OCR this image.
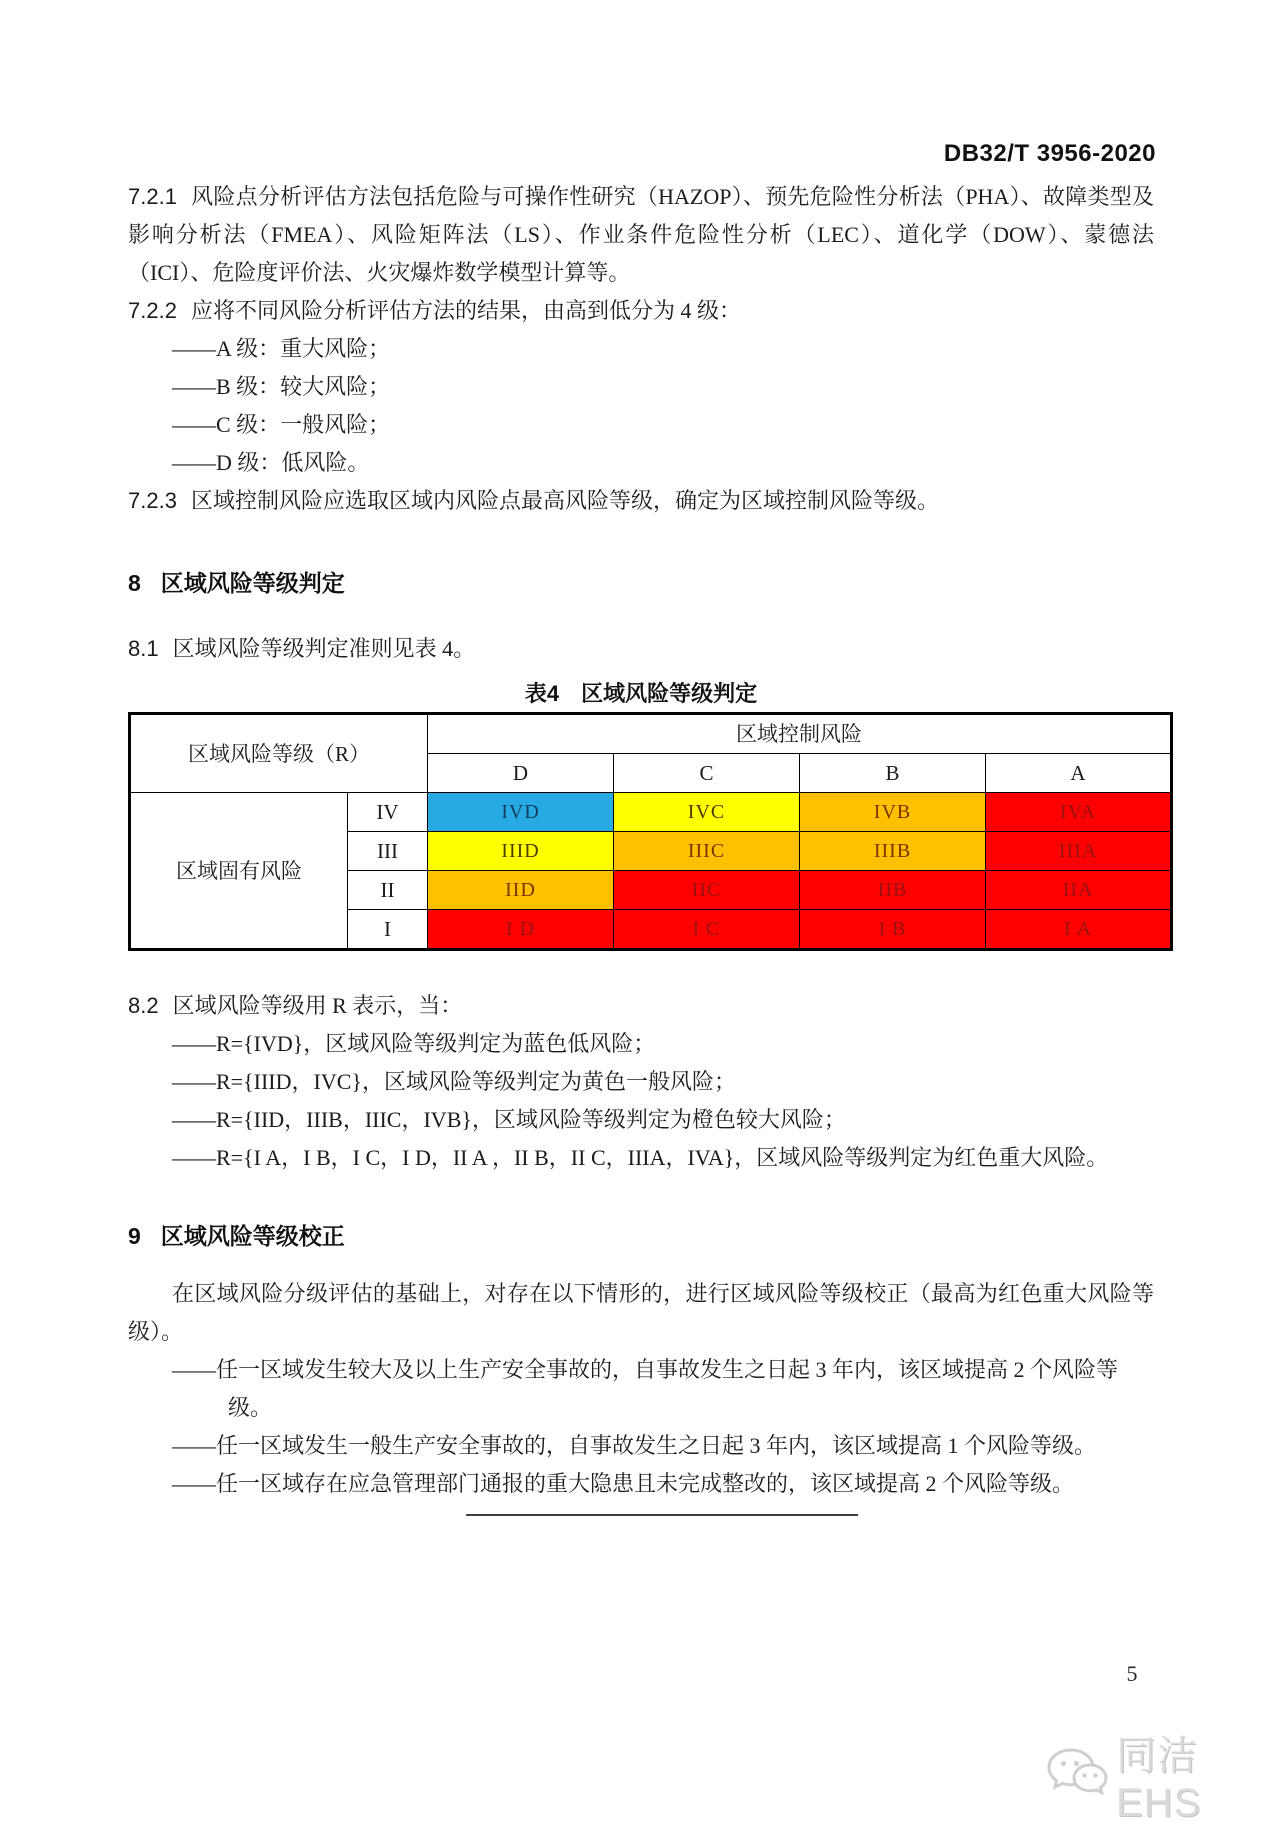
DB32/T 3956-2020

7.2.1 风险点分析评估方法包括危险与可操作性研究（HAZOP）、预先危险性分析法（PHA）、故障类型及影响分析法（FMEA）、风险矩阵法（LS）、作业条件危险性分析（LEC）、道化学（DOW）、蒙德法（ICI）、危险度评价法、火灾爆炸数学模型计算等。

7.2.2 应将不同风险分析评估方法的结果，由高到低分为 4 级：

——A 级：重大风险；

——B 级：较大风险；

——C 级：一般风险；

——D 级：低风险。

7.2.3 区域控制风险应选取区域内风险点最高风险等级，确定为区域控制风险等级。

8 区域风险等级判定

8.1 区域风险等级判定准则见表 4。

表4　区域风险等级判定

区域风险等级（R）		区域控制风险			
		D	C	B	A
区域固有风险	IV	IVD	IVC	IVB	IVA
	III	IIID	IIIC	IIIB	IIIA
	II	IID	IIC	IIB	IIA
	I	I D	I C	I B	I A

8.2 区域风险等级用 R 表示，当：

——R={IVD}，区域风险等级判定为蓝色低风险；

——R={IIID，IVC}，区域风险等级判定为黄色一般风险；

——R={IID，IIIB，IIIC，IVB}，区域风险等级判定为橙色较大风险；

——R={I A，I B，I C，I D，II A ，II B，II C，IIIA，IVA}，区域风险等级判定为红色重大风险。

9 区域风险等级校正

在区域风险分级评估的基础上，对存在以下情形的，进行区域风险等级校正（最高为红色重大风险等级）。

——任一区域发生较大及以上生产安全事故的，自事故发生之日起 3 年内，该区域提高 2 个风险等级。

——任一区域发生一般生产安全事故的，自事故发生之日起 3 年内，该区域提高 1 个风险等级。

——任一区域存在应急管理部门通报的重大隐患且未完成整改的，该区域提高 2 个风险等级。

5
同洁EHS
